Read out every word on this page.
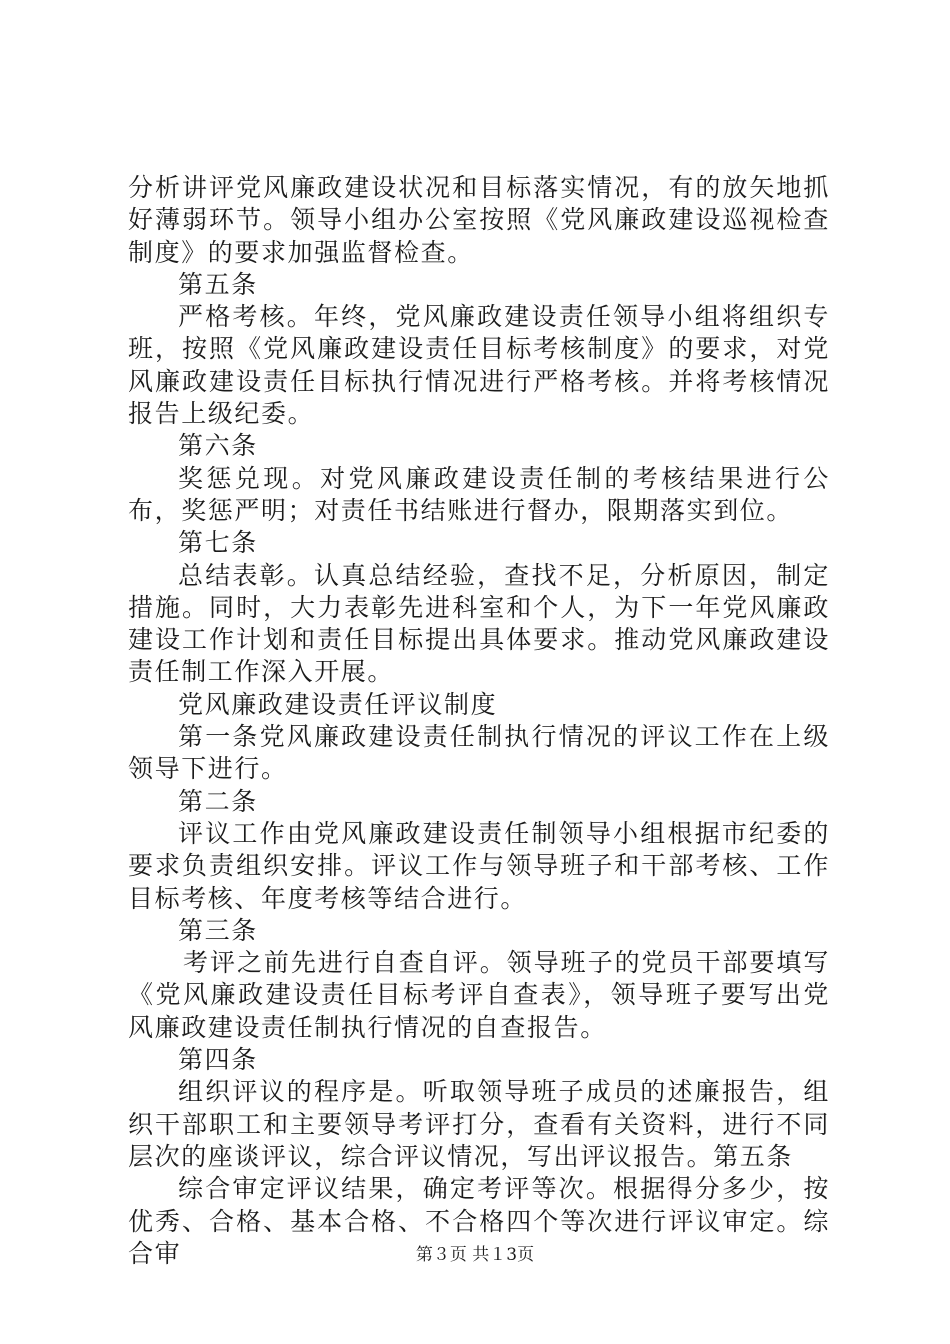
分析讲评党风廉政建设状况和目标落实情况，有的放矢地抓好薄弱环节。领导小组办公室按照《党风廉政建设巡视检查制度》的要求加强监督检查。

第五条

严格考核。年终，党风廉政建设责任领导小组将组织专班，按照《党风廉政建设责任目标考核制度》的要求，对党风廉政建设责任目标执行情况进行严格考核。并将考核情况报告上级纪委。

第六条

奖惩兑现。对党风廉政建设责任制的考核结果进行公布，奖惩严明；对责任书结账进行督办，限期落实到位。

第七条

总结表彰。认真总结经验，查找不足，分析原因，制定措施。同时，大力表彰先进科室和个人，为下一年党风廉政建设工作计划和责任目标提出具体要求。推动党风廉政建设责任制工作深入开展。

党风廉政建设责任评议制度

第一条党风廉政建设责任制执行情况的评议工作在上级领导下进行。

第二条

评议工作由党风廉政建设责任制领导小组根据市纪委的要求负责组织安排。评议工作与领导班子和干部考核、工作目标考核、年度考核等结合进行。

第三条

考评之前先进行自查自评。领导班子的党员干部要填写《党风廉政建设责任目标考评自查表》，领导班子要写出党风廉政建设责任制执行情况的自查报告。

第四条

组织评议的程序是。听取领导班子成员的述廉报告，组织干部职工和主要领导考评打分，查看有关资料，进行不同层次的座谈评议，综合评议情况，写出评议报告。第五条

综合审定评议结果，确定考评等次。根据得分多少，按优秀、合格、基本合格、不合格四个等次进行评议审定。综合审	第３页 共１3页
